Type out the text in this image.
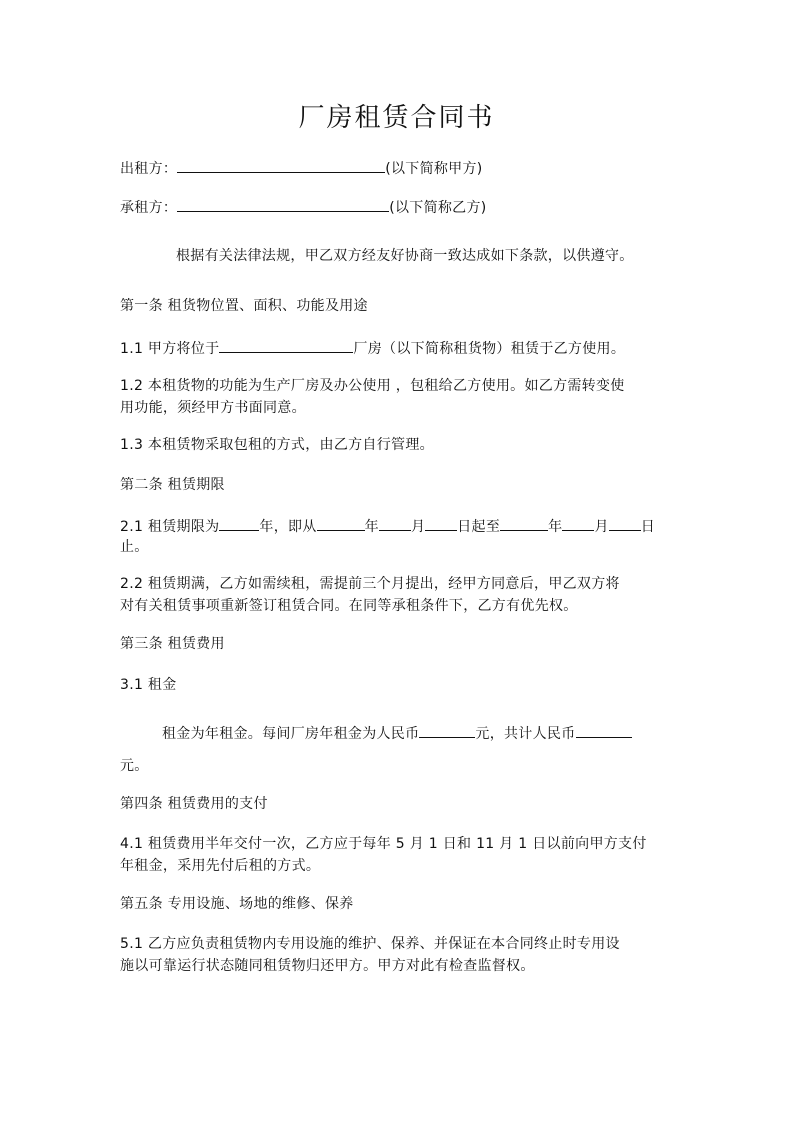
厂房租赁合同书
出租方：	(以下简称甲方)
承租方：	(以下简称乙方)
根据有关法律法规，甲乙双方经友好协商一致达成如下条款，以供遵守。
第一条 租货物位置、面积、功能及用途
1.1 甲方将位于	厂房（以下简称租货物）租赁于乙方使用。
1.2 本租货物的功能为生产厂房及办公使用 ，包租给乙方使用。如乙方需转变使
用功能，须经甲方书面同意。
1.3 本租赁物采取包租的方式，由乙方自行管理。
第二条 租赁期限
2.1 租赁期限为	年，即从	年 月 日起至	年 月 日
止。
2.2 租赁期满，乙方如需续租，需提前三个月提出，经甲方同意后，甲乙双方将
对有关租赁事项重新签订租赁合同。在同等承租条件下，乙方有优先权。
第三条 租赁费用
3.1 租金
租金为年租金。每间厂房年租金为人民币	元，共计人民币
元。
第四条 租赁费用的支付
4.1 租赁费用半年交付一次，乙方应于每年 5 月 1 日和 11 月 1 日以前向甲方支付
年租金，采用先付后租的方式。
第五条 专用设施、场地的维修、保养
5.1 乙方应负责租赁物内专用设施的维护、保养、并保证在本合同终止时专用设
施以可靠运行状态随同租赁物归还甲方。甲方对此有检查监督权。
